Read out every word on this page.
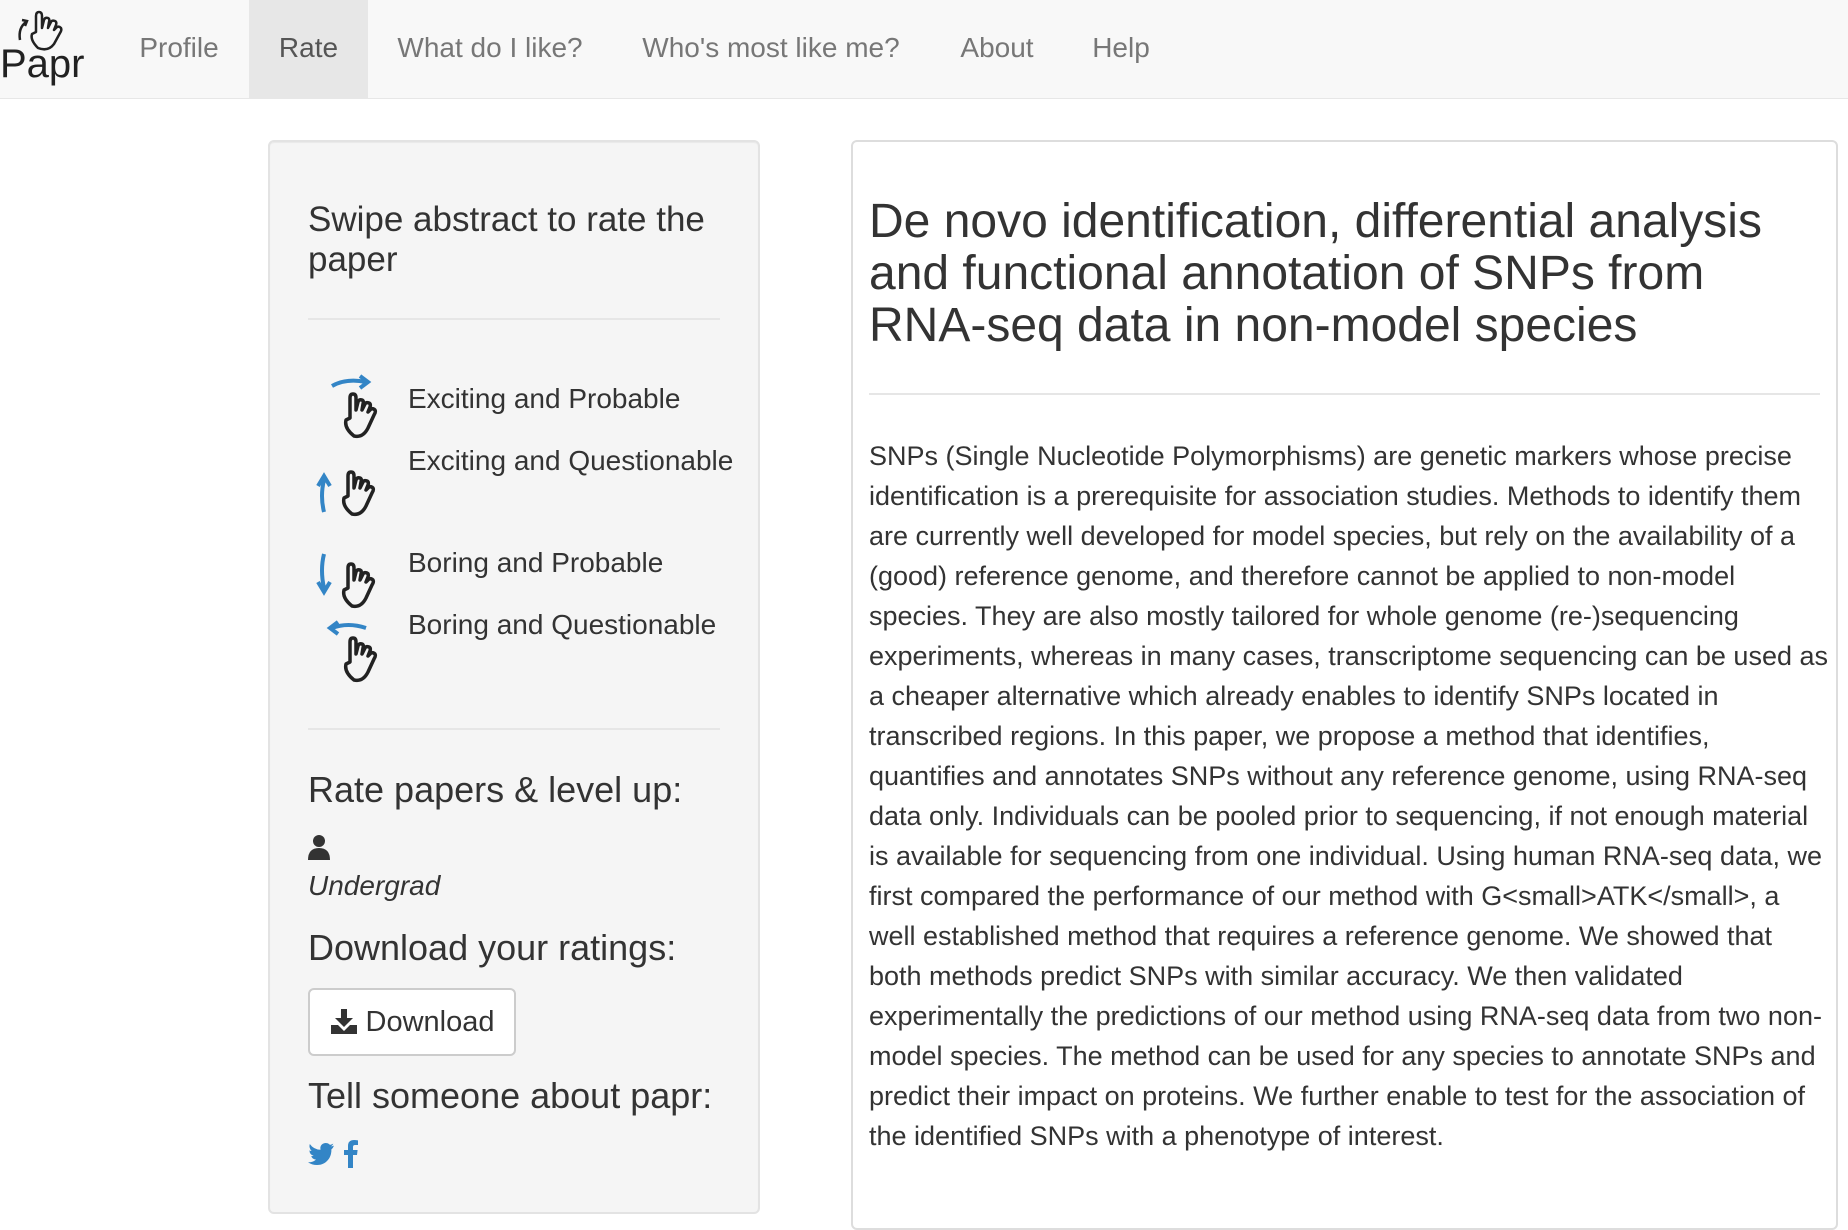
Papr	Profile	Rate	What do I like?	Who's most like me?	About	Help
Swipe abstract to rate the paper
Exciting and Probable
Exciting and Questionable
Boring and Probable
Boring and Questionable
Rate papers & level up:
Undergrad
Download your ratings:
Download
Tell someone about papr:
De novo identification, differential analysis and functional annotation of SNPs from RNA-seq data in non-model species
SNPs (Single Nucleotide Polymorphisms) are genetic markers whose precise identification is a prerequisite for association studies. Methods to identify them are currently well developed for model species, but rely on the availability of a (good) reference genome, and therefore cannot be applied to non-model species. They are also mostly tailored for whole genome (re-)sequencing experiments, whereas in many cases, transcriptome sequencing can be used as a cheaper alternative which already enables to identify SNPs located in transcribed regions. In this paper, we propose a method that identifies, quantifies and annotates SNPs without any reference genome, using RNA-seq data only. Individuals can be pooled prior to sequencing, if not enough material is available for sequencing from one individual. Using human RNA-seq data, we first compared the performance of our method with G<small>ATK</small>, a well established method that requires a reference genome. We showed that both methods predict SNPs with similar accuracy. We then validated experimentally the predictions of our method using RNA-seq data from two non-model species. The method can be used for any species to annotate SNPs and predict their impact on proteins. We further enable to test for the association of the identified SNPs with a phenotype of interest.
